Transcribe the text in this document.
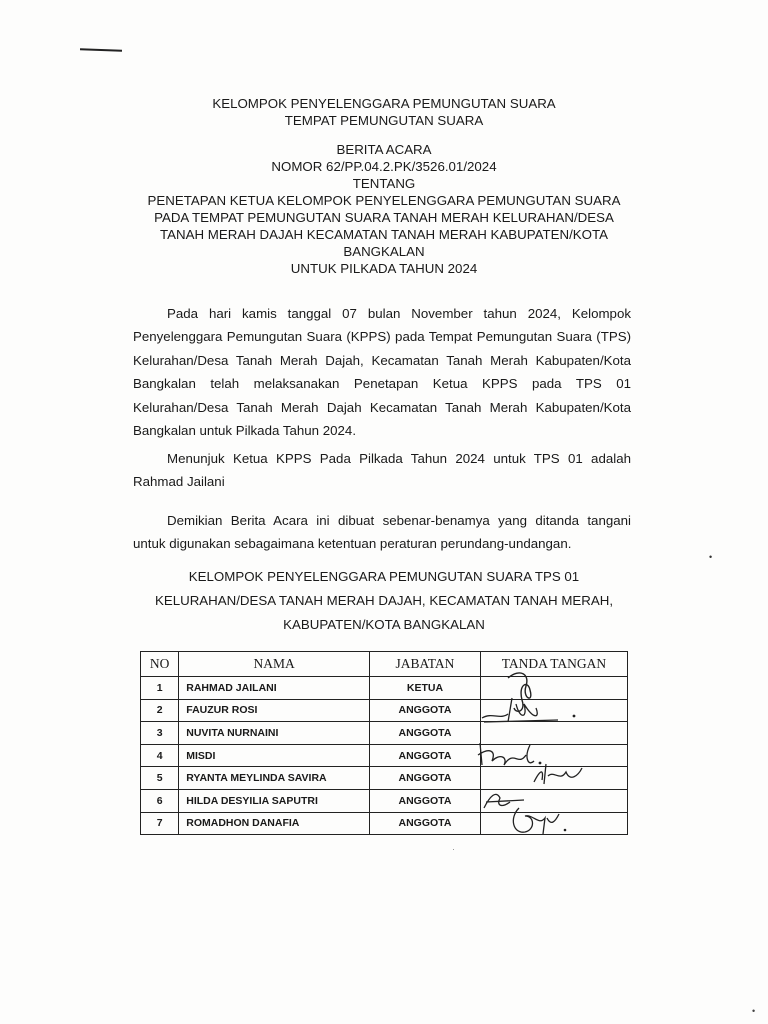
KELOMPOK PENYELENGGARA PEMUNGUTAN SUARA
TEMPAT PEMUNGUTAN SUARA
BERITA ACARA
NOMOR 62/PP.04.2.PK/3526.01/2024
TENTANG
PENETAPAN KETUA KELOMPOK PENYELENGGARA PEMUNGUTAN SUARA
PADA TEMPAT PEMUNGUTAN SUARA TANAH MERAH KELURAHAN/DESA
TANAH MERAH DAJAH KECAMATAN TANAH MERAH KABUPATEN/KOTA
BANGKALAN
UNTUK PILKADA TAHUN 2024
Pada hari kamis tanggal 07 bulan November tahun 2024, Kelompok
Penyelenggara Pemungutan Suara (KPPS) pada Tempat Pemungutan Suara (TPS)
Kelurahan/Desa Tanah Merah Dajah, Kecamatan Tanah Merah Kabupaten/Kota
Bangkalan telah melaksanakan Penetapan Ketua KPPS pada TPS 01
Kelurahan/Desa Tanah Merah Dajah Kecamatan Tanah Merah Kabupaten/Kota
Bangkalan untuk Pilkada Tahun 2024.
Menunjuk Ketua KPPS Pada Pilkada Tahun 2024 untuk TPS 01 adalah
Rahmad Jailani
Demikian Berita Acara ini dibuat sebenar-benamya yang ditanda tangani
untuk digunakan sebagaimana ketentuan peraturan perundang-undangan.
KELOMPOK PENYELENGGARA PEMUNGUTAN SUARA TPS 01
KELURAHAN/DESA TANAH MERAH DAJAH, KECAMATAN TANAH MERAH,
KABUPATEN/KOTA BANGKALAN
NO	NAMA	JABATAN	TANDA TANGAN
1	RAHMAD JAILANI	KETUA	
2	FAUZUR ROSI	ANGGOTA	
3	NUVITA NURNAINI	ANGGOTA	
4	MISDI	ANGGOTA	
5	RYANTA MEYLINDA SAVIRA	ANGGOTA	
6	HILDA DESYILIA SAPUTRI	ANGGOTA	
7	ROMADHON DANAFIA	ANGGOTA	
·
•
•
